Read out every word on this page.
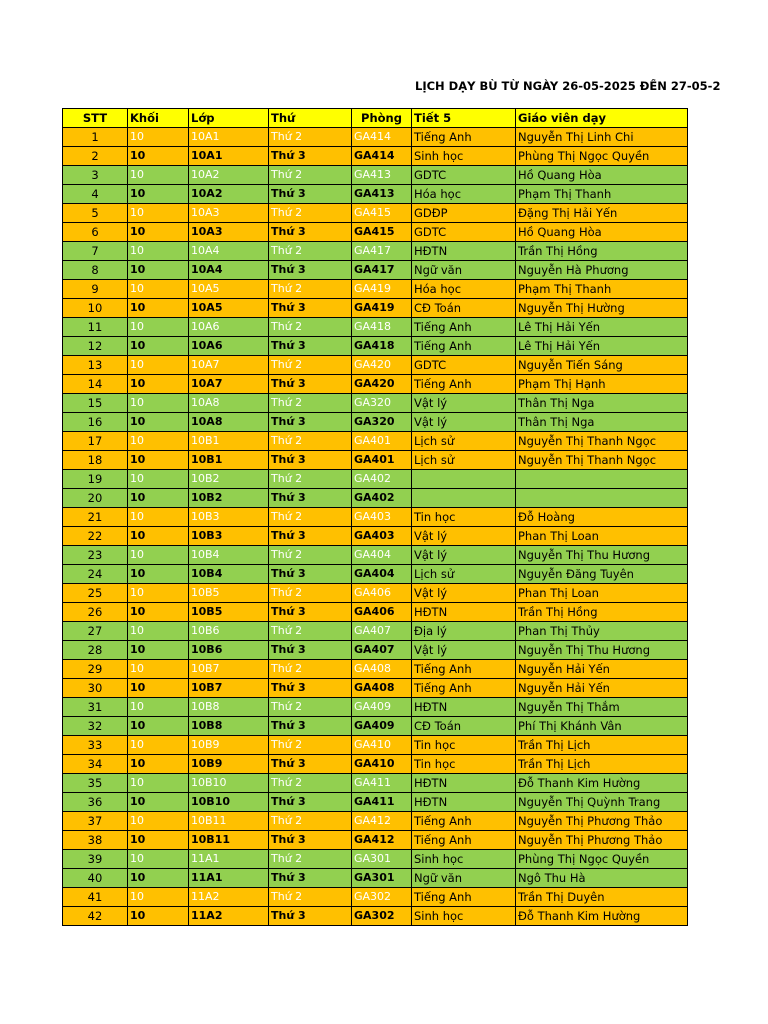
LỊCH DẠY BÙ TỪ NGÀY 26-05-2025 ĐẾN 27-05-2
STT	Khối	Lớp	Thứ	Phòng	Tiết 5	Giáo viên dạy
1	10	10A1	Thứ 2	GA414	Tiếng Anh	Nguyễn Thị Linh Chi
2	10	10A1	Thứ 3	GA414	Sinh học	Phùng Thị Ngọc Quyền
3	10	10A2	Thứ 2	GA413	GDTC	Hồ Quang Hòa
4	10	10A2	Thứ 3	GA413	Hóa học	Phạm Thị Thanh
5	10	10A3	Thứ 2	GA415	GDĐP	Đặng Thị Hải Yến
6	10	10A3	Thứ 3	GA415	GDTC	Hồ Quang Hòa
7	10	10A4	Thứ 2	GA417	HĐTN	Trần Thị Hồng
8	10	10A4	Thứ 3	GA417	Ngữ văn	Nguyễn Hà Phương
9	10	10A5	Thứ 2	GA419	Hóa học	Phạm Thị Thanh
10	10	10A5	Thứ 3	GA419	CĐ Toán	Nguyễn Thị Hường
11	10	10A6	Thứ 2	GA418	Tiếng Anh	Lê Thị Hải Yến
12	10	10A6	Thứ 3	GA418	Tiếng Anh	Lê Thị Hải Yến
13	10	10A7	Thứ 2	GA420	GDTC	Nguyễn Tiến Sáng
14	10	10A7	Thứ 3	GA420	Tiếng Anh	Phạm Thị Hạnh
15	10	10A8	Thứ 2	GA320	Vật lý	Thân Thị Nga
16	10	10A8	Thứ 3	GA320	Vật lý	Thân Thị Nga
17	10	10B1	Thứ 2	GA401	Lịch sử	Nguyễn Thị Thanh Ngọc
18	10	10B1	Thứ 3	GA401	Lịch sử	Nguyễn Thị Thanh Ngọc
19	10	10B2	Thứ 2	GA402		
20	10	10B2	Thứ 3	GA402		
21	10	10B3	Thứ 2	GA403	Tin học	Đỗ Hoàng
22	10	10B3	Thứ 3	GA403	Vật lý	Phan Thị Loan
23	10	10B4	Thứ 2	GA404	Vật lý	Nguyễn Thị Thu Hương
24	10	10B4	Thứ 3	GA404	Lịch sử	Nguyễn Đăng Tuyên
25	10	10B5	Thứ 2	GA406	Vật lý	Phan Thị Loan
26	10	10B5	Thứ 3	GA406	HĐTN	Trần Thị Hồng
27	10	10B6	Thứ 2	GA407	Địa lý	Phan Thị Thủy
28	10	10B6	Thứ 3	GA407	Vật lý	Nguyễn Thị Thu Hương
29	10	10B7	Thứ 2	GA408	Tiếng Anh	Nguyễn Hải Yến
30	10	10B7	Thứ 3	GA408	Tiếng Anh	Nguyễn Hải Yến
31	10	10B8	Thứ 2	GA409	HĐTN	Nguyễn Thị Thắm
32	10	10B8	Thứ 3	GA409	CĐ Toán	Phí Thị Khánh Vân
33	10	10B9	Thứ 2	GA410	Tin học	Trần Thị Lịch
34	10	10B9	Thứ 3	GA410	Tin học	Trần Thị Lịch
35	10	10B10	Thứ 2	GA411	HĐTN	Đỗ Thanh Kim Hường
36	10	10B10	Thứ 3	GA411	HĐTN	Nguyễn Thị Quỳnh Trang
37	10	10B11	Thứ 2	GA412	Tiếng Anh	Nguyễn Thị Phương Thảo
38	10	10B11	Thứ 3	GA412	Tiếng Anh	Nguyễn Thị Phương Thảo
39	10	11A1	Thứ 2	GA301	Sinh học	Phùng Thị Ngọc Quyền
40	10	11A1	Thứ 3	GA301	Ngữ văn	Ngô Thu Hà
41	10	11A2	Thứ 2	GA302	Tiếng Anh	Trần Thị Duyên
42	10	11A2	Thứ 3	GA302	Sinh học	Đỗ Thanh Kim Hường
